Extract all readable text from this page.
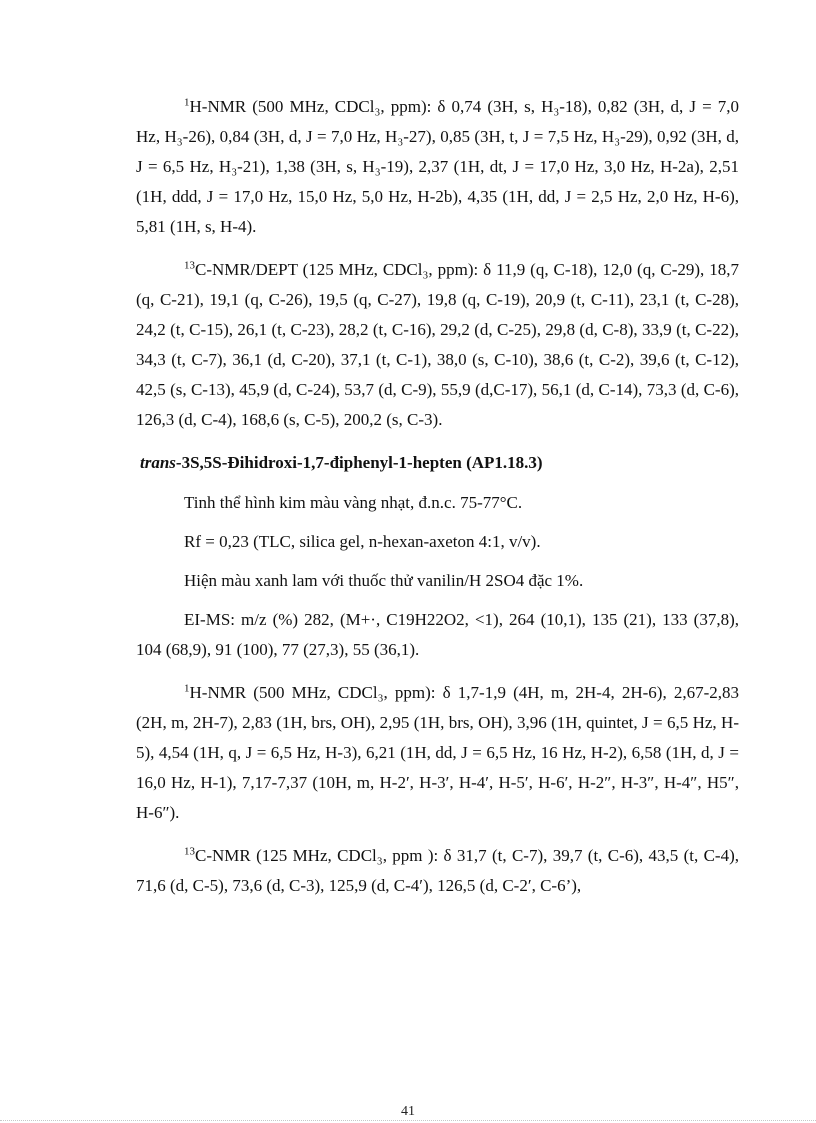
$^1$H-NMR (500 MHz, CDCl₃, ppm): δ 0,74 (3H, s, H₃-18), 0,82 (3H, d, J = 7,0 Hz, H₃-26), 0,84 (3H, d, J = 7,0 Hz, H₃-27), 0,85 (3H, t, J = 7,5 Hz, H₃-29), 0,92 (3H, d, J = 6,5 Hz, H₃-21), 1,38 (3H, s, H₃-19), 2,37 (1H, dt, J = 17,0 Hz, 3,0 Hz, H-2a), 2,51 (1H, ddd, J = 17,0 Hz, 15,0 Hz, 5,0 Hz, H-2b), 4,35 (1H, dd, J = 2,5 Hz, 2,0 Hz, H-6), 5,81 (1H, s, H-4).

$^{13}$C-NMR/DEPT (125 MHz, CDCl₃, ppm): δ 11,9 (q, C-18), 12,0 (q, C-29), 18,7 (q, C-21), 19,1 (q, C-26), 19,5 (q, C-27), 19,8 (q, C-19), 20,9 (t, C-11), 23,1 (t, C-28), 24,2 (t, C-15), 26,1 (t, C-23), 28,2 (t, C-16), 29,2 (d, C-25), 29,8 (d, C-8), 33,9 (t, C-22), 34,3 (t, C-7), 36,1 (d, C-20), 37,1 (t, C-1), 38,0 (s, C-10), 38,6 (t, C-2), 39,6 (t, C-12), 42,5 (s, C-13), 45,9 (d, C-24), 53,7 (d, C-9), 55,9 (d,C-17), 56,1 (d, C-14), 73,3 (d, C-6), 126,3 (d, C-4), 168,6 (s, C-5), 200,2 (s, C-3).

trans-3S,5S-Đihidroxi-1,7-điphenyl-1-hepten (AP1.18.3)

Tinh thể hình kim màu vàng nhạt, đ.n.c. 75-77°C.

Rf = 0,23 (TLC, silica gel, n-hexan-axeton 4:1, v/v).

Hiện màu xanh lam với thuốc thử vanilin/H 2SO4 đặc 1%.

EI-MS: m/z (%) 282, (M+·, C19H22O2, <1), 264 (10,1), 135 (21), 133 (37,8), 104 (68,9), 91 (100), 77 (27,3), 55 (36,1).

$^1$H-NMR (500 MHz, CDCl₃, ppm): δ 1,7-1,9 (4H, m, 2H-4, 2H-6), 2,67-2,83 (2H, m, 2H-7), 2,83 (1H, brs, OH), 2,95 (1H, brs, OH), 3,96 (1H, quintet, J = 6,5 Hz, H-5), 4,54 (1H, q, J = 6,5 Hz, H-3), 6,21 (1H, dd, J = 6,5 Hz, 16 Hz, H-2), 6,58 (1H, d, J = 16,0 Hz, H-1), 7,17-7,37 (10H, m, H-2′, H-3′, H-4′, H-5′, H-6′, H-2″, H-3″, H-4″, H5″, H-6″).

$^{13}$C-NMR (125 MHz, CDCl₃, ppm ): δ 31,7 (t, C-7), 39,7 (t, C-6), 43,5 (t, C-4), 71,6 (d, C-5), 73,6 (d, C-3), 125,9 (d, C-4′), 126,5 (d, C-2′, C-6’),

41
